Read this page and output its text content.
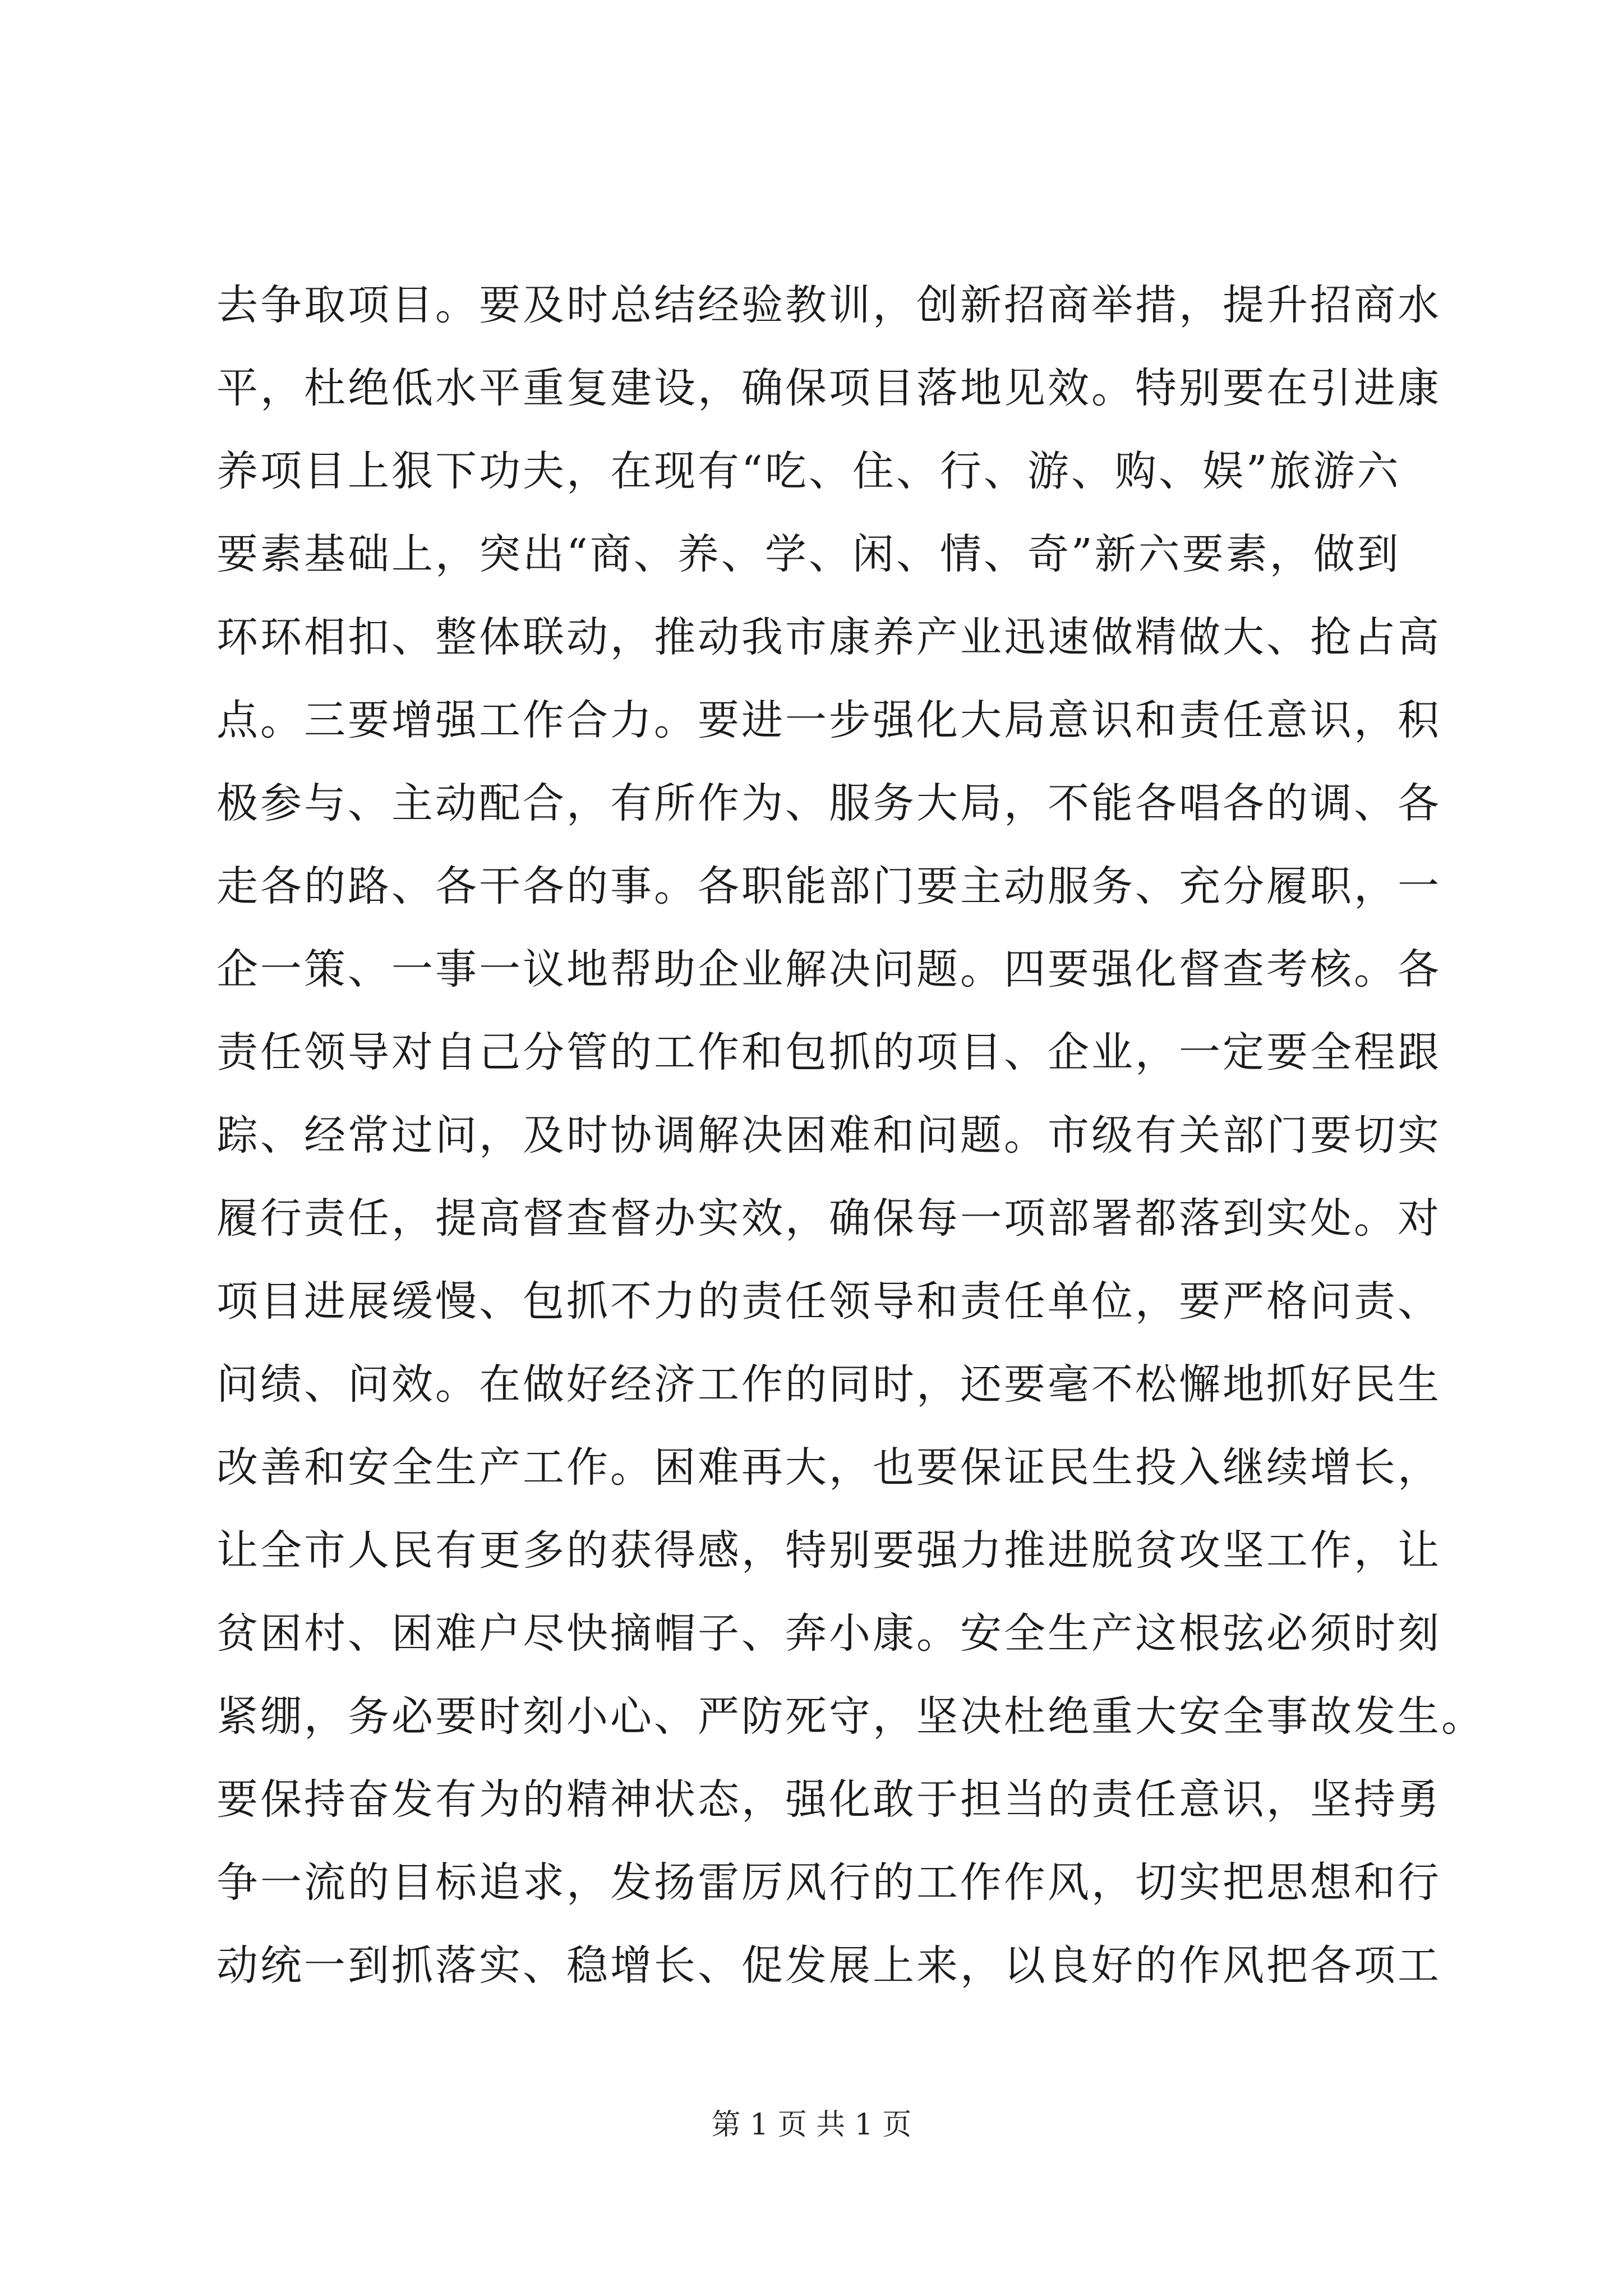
去争取项目。要及时总结经验教训，创新招商举措，提升招商水
平，杜绝低水平重复建设，确保项目落地见效。特别要在引进康
养项目上狠下功夫，在现有“吃、住、行、游、购、娱”旅游六
要素基础上，突出“商、养、学、闲、情、奇”新六要素，做到
环环相扣、整体联动，推动我市康养产业迅速做精做大、抢占高
点。三要增强工作合力。要进一步强化大局意识和责任意识，积
极参与、主动配合，有所作为、服务大局，不能各唱各的调、各
走各的路、各干各的事。各职能部门要主动服务、充分履职，一
企一策、一事一议地帮助企业解决问题。四要强化督查考核。各
责任领导对自己分管的工作和包抓的项目、企业，一定要全程跟
踪、经常过问，及时协调解决困难和问题。市级有关部门要切实
履行责任，提高督查督办实效，确保每一项部署都落到实处。对
项目进展缓慢、包抓不力的责任领导和责任单位，要严格问责、
问绩、问效。在做好经济工作的同时，还要毫不松懈地抓好民生
改善和安全生产工作。困难再大，也要保证民生投入继续增长，
让全市人民有更多的获得感，特别要强力推进脱贫攻坚工作，让
贫困村、困难户尽快摘帽子、奔小康。安全生产这根弦必须时刻
紧绷，务必要时刻小心、严防死守，坚决杜绝重大安全事故发生。
要保持奋发有为的精神状态，强化敢于担当的责任意识，坚持勇
争一流的目标追求，发扬雷厉风行的工作作风，切实把思想和行
动统一到抓落实、稳增长、促发展上来，以良好的作风把各项工
第 1 页 共 1 页
